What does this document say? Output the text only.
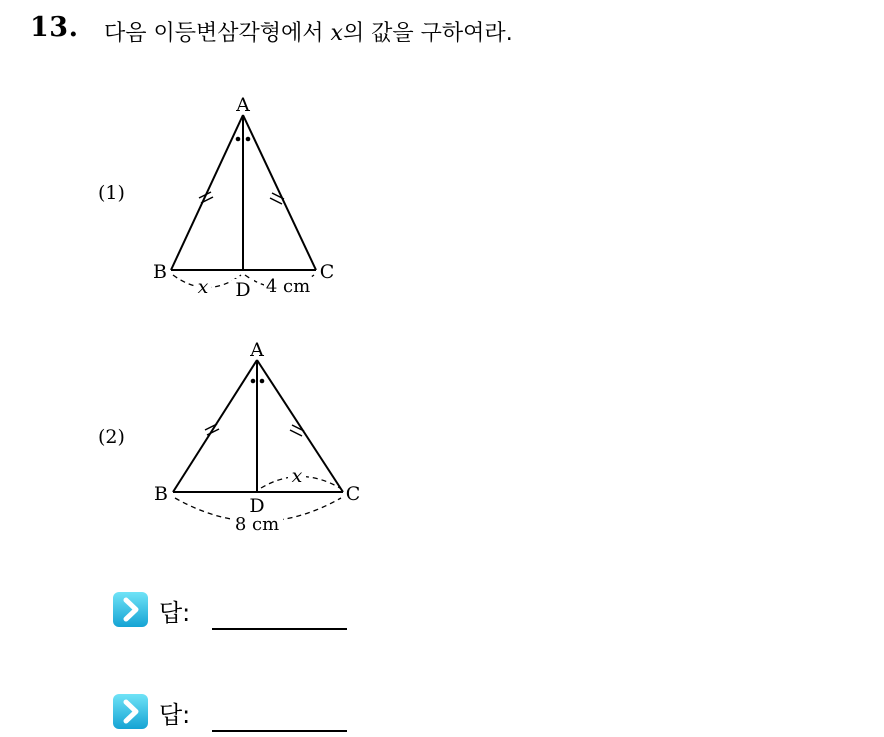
13. 다음 이등변삼각형에서 x의 값을 구하여라.
(1)
A
B	C
D
x	4 cm
(2)
A
B	C
D
x
8 cm
답:
답:
